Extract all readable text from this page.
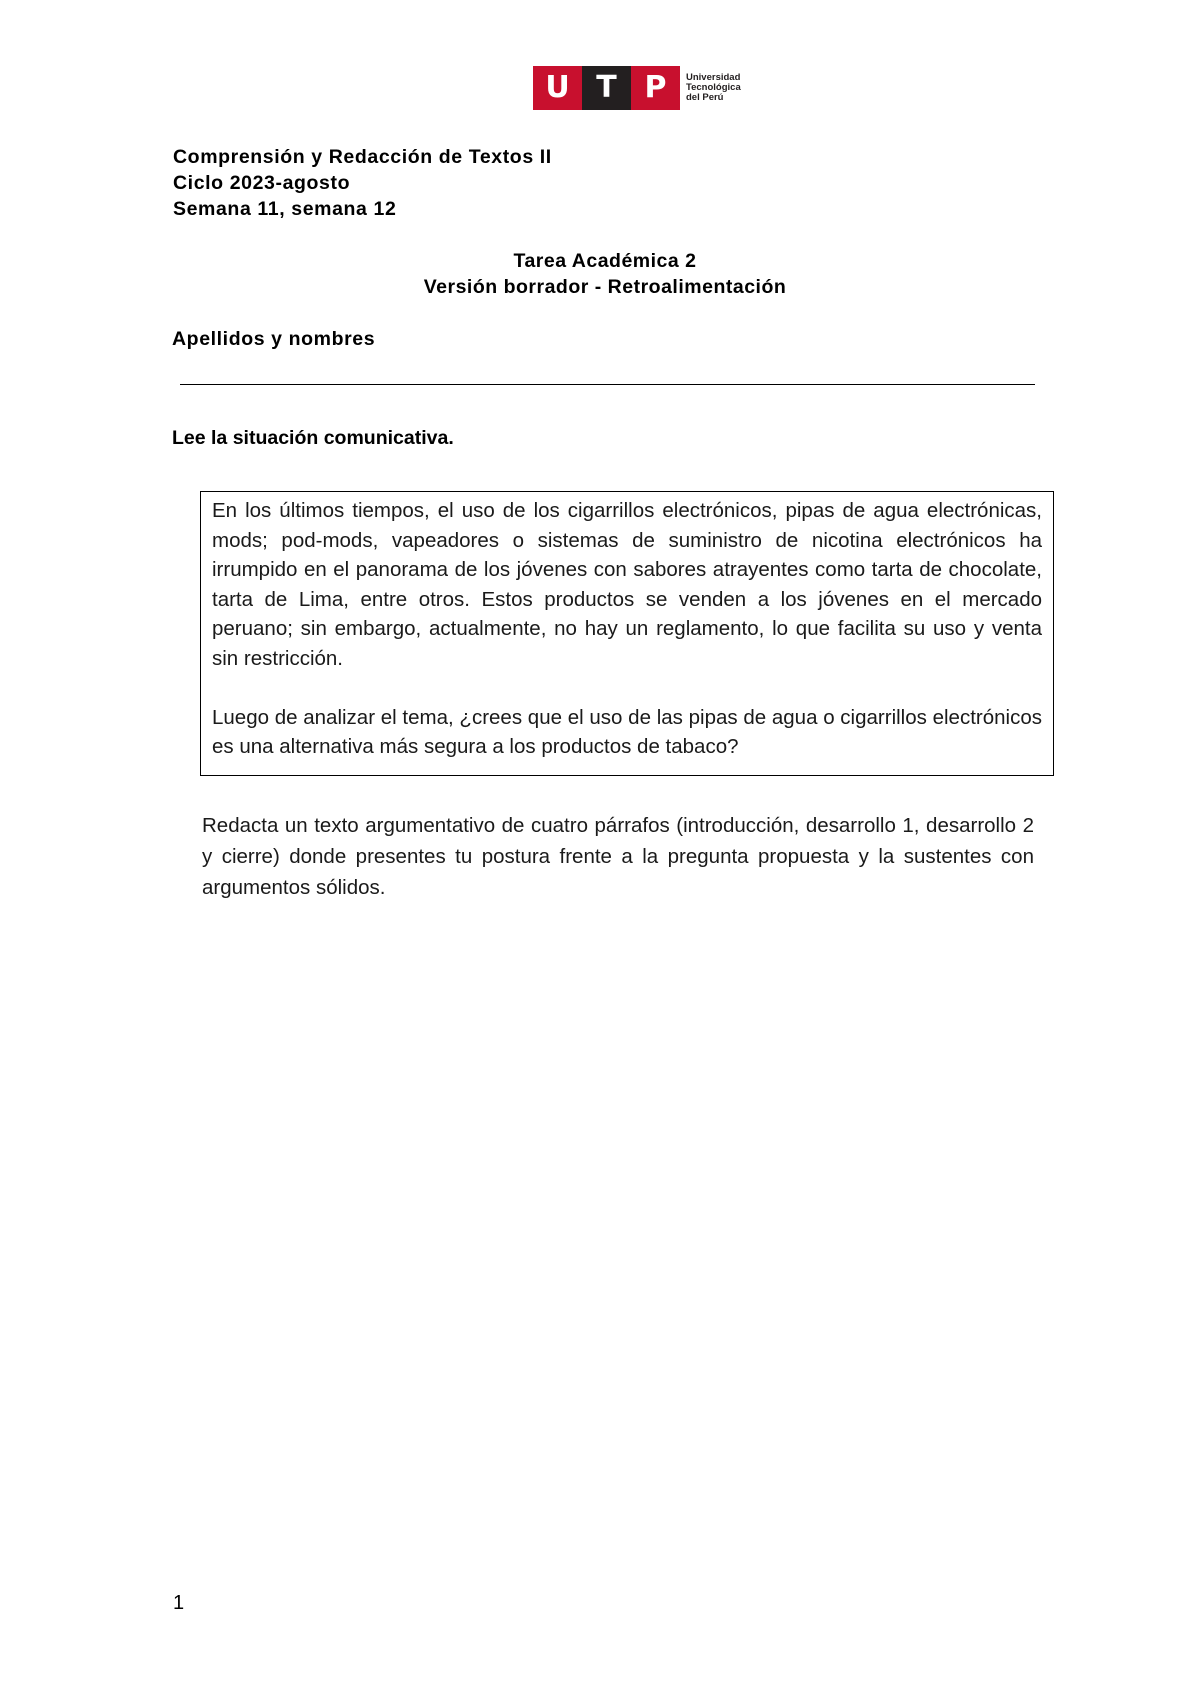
U T P	Universidad
Tecnológica
del Perú
Comprensión y Redacción de Textos II
Ciclo 2023-agosto
Semana 11, semana 12
Tarea Académica 2
Versión borrador - Retroalimentación
Apellidos y nombres
Lee la situación comunicativa.

En los últimos tiempos, el uso de los cigarrillos electrónicos, pipas de agua electrónicas, mods; pod-mods, vapeadores o sistemas de suministro de nicotina electrónicos ha irrumpido en el panorama de los jóvenes con sabores atrayentes como tarta de chocolate, tarta de Lima, entre otros. Estos productos se venden a los jóvenes en el mercado peruano; sin embargo, actualmente, no hay un reglamento, lo que facilita su uso y venta sin restricción.

Luego de analizar el tema, ¿crees que el uso de las pipas de agua o cigarrillos electrónicos es una alternativa más segura a los productos de tabaco?

Redacta un texto argumentativo de cuatro párrafos (introducción, desarrollo 1, desarrollo 2 y cierre) donde presentes tu postura frente a la pregunta propuesta y la sustentes con argumentos sólidos.

1
